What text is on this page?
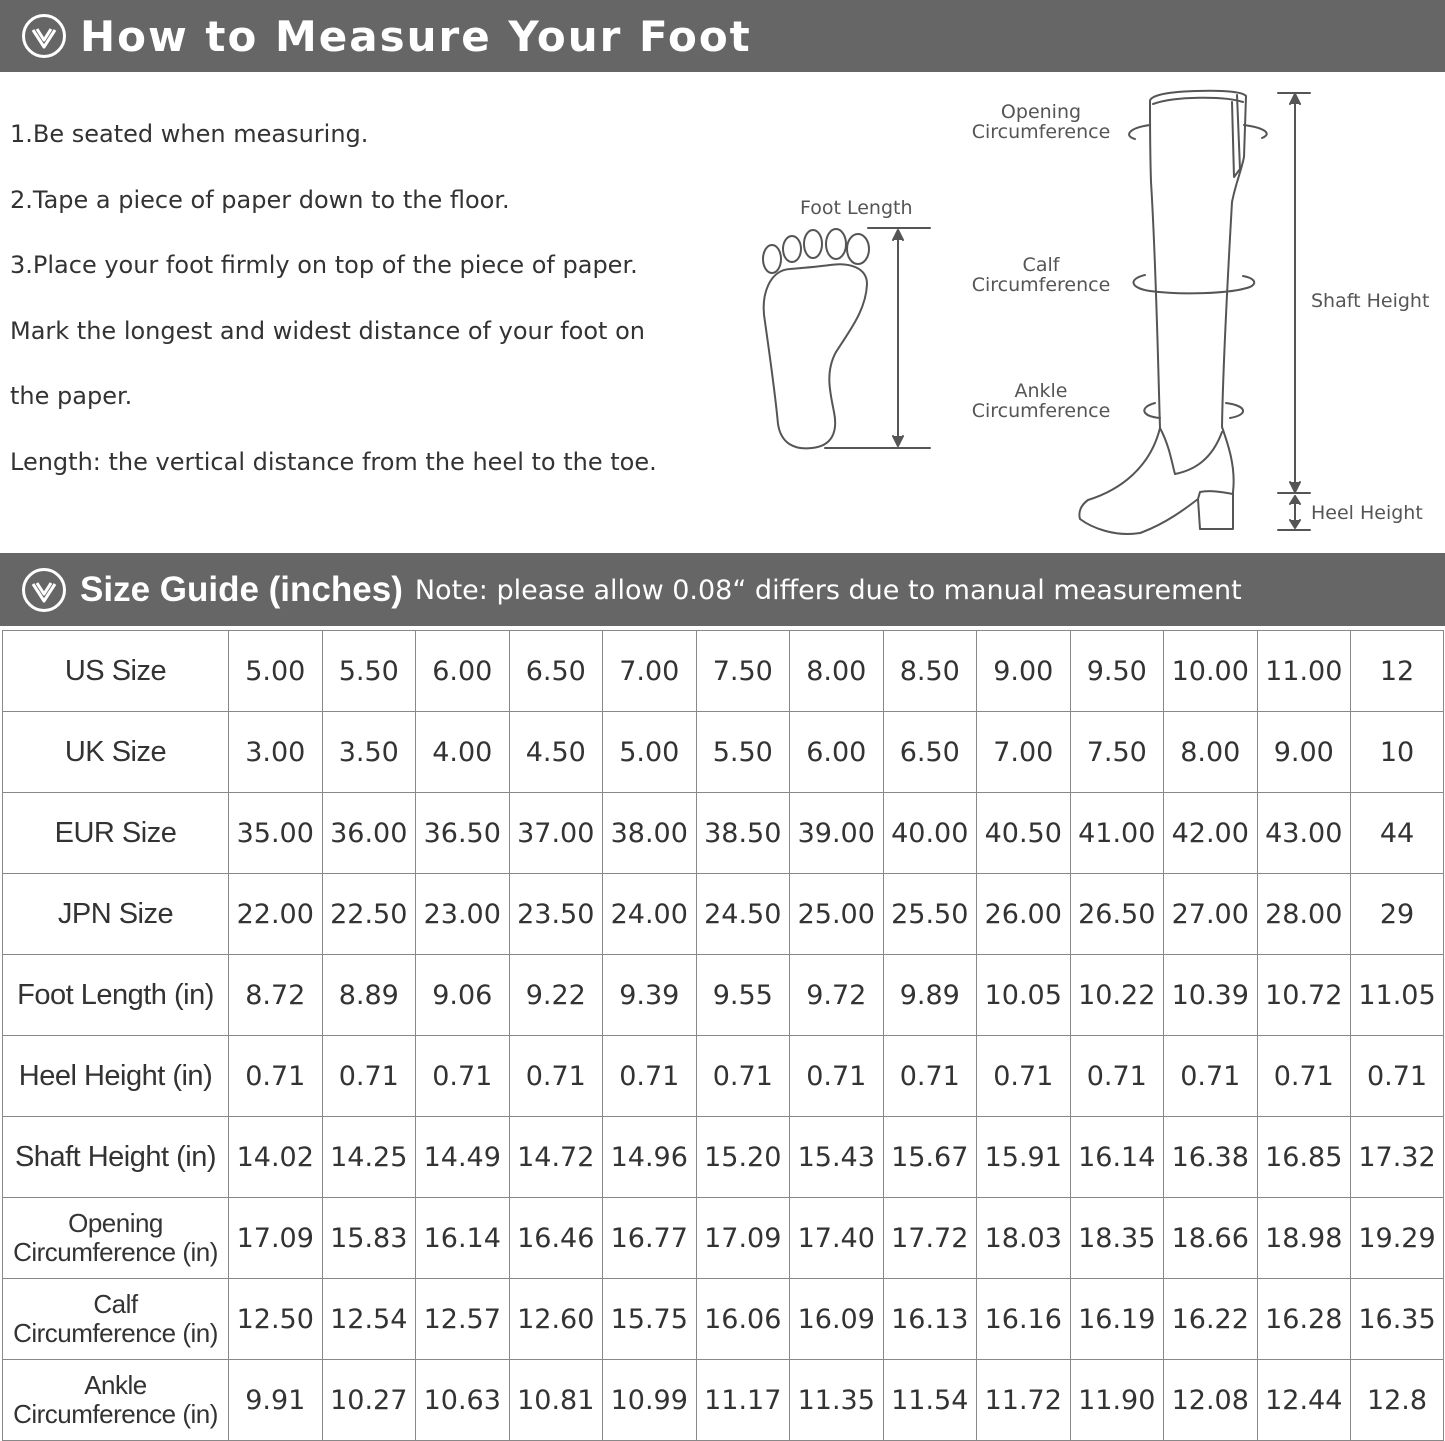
How to Measure Your Foot

1.Be seated when measuring.

2.Tape a piece of paper down to the floor.

3.Place your foot firmly on top of the piece of paper.

Mark the longest and widest distance of your foot on

the paper.

Length: the vertical distance from the heel to the toe.

Foot Length
Opening
Circumference
Calf
Circumference
Ankle
Circumference
Shaft Height
Heel Height
Size Guide (inches) Note: please allow 0.08“ differs due to manual measurement
US Size	5.00	5.50	6.00	6.50	7.00	7.50	8.00	8.50	9.00	9.50	10.00	11.00	12
UK Size	3.00	3.50	4.00	4.50	5.00	5.50	6.00	6.50	7.00	7.50	8.00	9.00	10
EUR Size	35.00	36.00	36.50	37.00	38.00	38.50	39.00	40.00	40.50	41.00	42.00	43.00	44
JPN Size	22.00	22.50	23.00	23.50	24.00	24.50	25.00	25.50	26.00	26.50	27.00	28.00	29
Foot Length (in)	8.72	8.89	9.06	9.22	9.39	9.55	9.72	9.89	10.05	10.22	10.39	10.72	11.05
Heel Height (in)	0.71	0.71	0.71	0.71	0.71	0.71	0.71	0.71	0.71	0.71	0.71	0.71	0.71
Shaft Height (in)	14.02	14.25	14.49	14.72	14.96	15.20	15.43	15.67	15.91	16.14	16.38	16.85	17.32

Opening
Circumference (in)	17.09	15.83	16.14	16.46	16.77	17.09	17.40	17.72	18.03	18.35	18.66	18.98	19.29

Calf
Circumference (in)	12.50	12.54	12.57	12.60	15.75	16.06	16.09	16.13	16.16	16.19	16.22	16.28	16.35

Ankle
Circumference (in)	9.91	10.27	10.63	10.81	10.99	11.17	11.35	11.54	11.72	11.90	12.08	12.44	12.8
